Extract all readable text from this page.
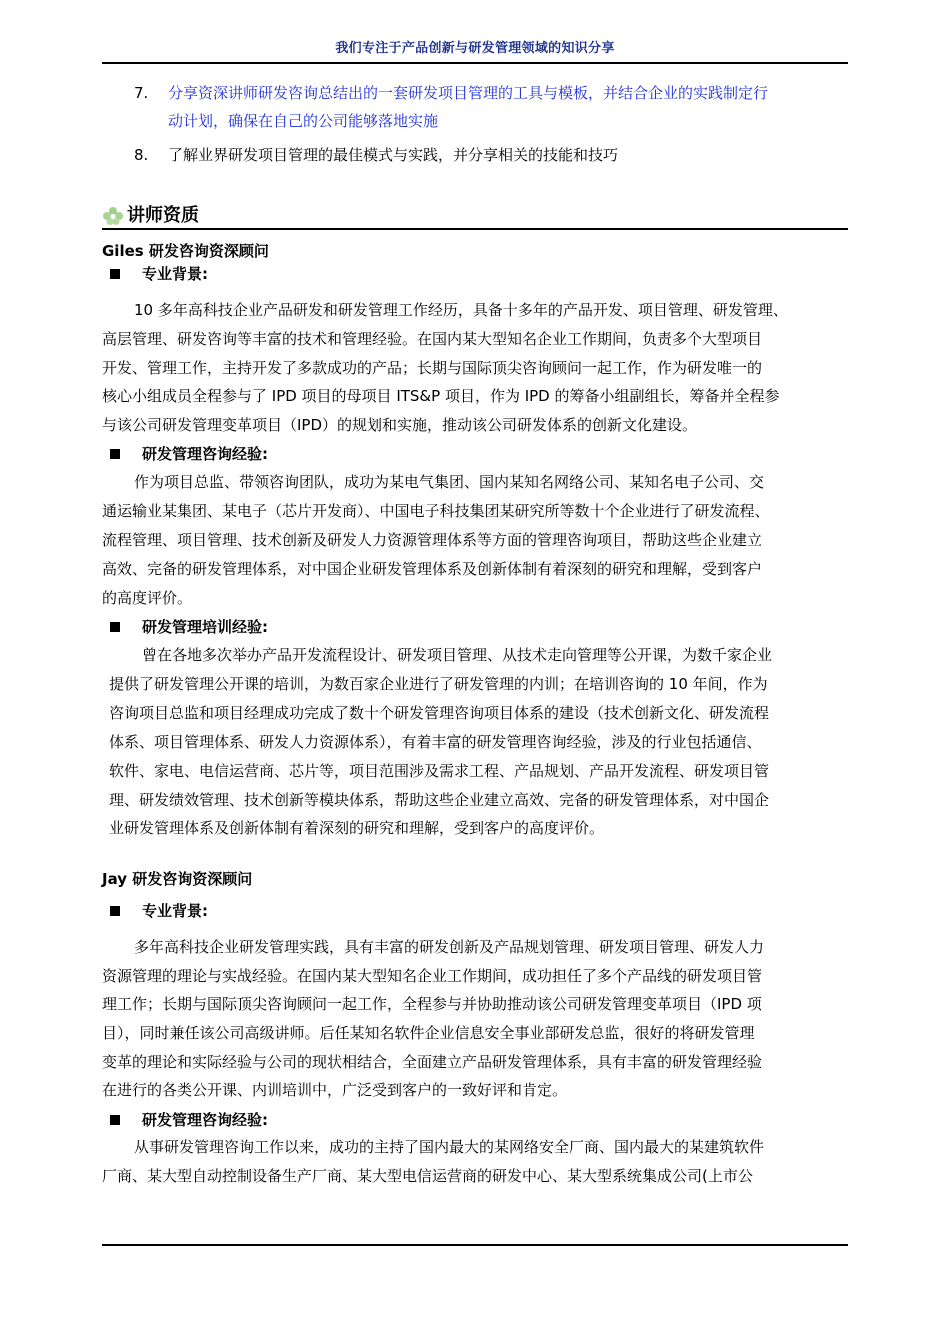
我们专注于产品创新与研发管理领域的知识分享
7. 分享资深讲师研发咨询总结出的一套研发项目管理的工具与模板，并结合企业的实践制定行
动计划，确保在自己的公司能够落地实施
8. 了解业界研发项目管理的最佳模式与实践，并分享相关的技能和技巧
讲师资质
Giles 研发咨询资深顾问
专业背景:
10 多年高科技企业产品研发和研发管理工作经历，具备十多年的产品开发、项目管理、研发管理、
高层管理、研发咨询等丰富的技术和管理经验。在国内某大型知名企业工作期间，负责多个大型项目
开发、管理工作，主持开发了多款成功的产品；长期与国际顶尖咨询顾问一起工作，作为研发唯一的
核心小组成员全程参与了 IPD 项目的母项目 ITS&P 项目，作为 IPD 的筹备小组副组长，筹备并全程参
与该公司研发管理变革项目（IPD）的规划和实施，推动该公司研发体系的创新文化建设。
研发管理咨询经验:
作为项目总监、带领咨询团队，成功为某电气集团、国内某知名网络公司、某知名电子公司、交
通运输业某集团、某电子（芯片开发商）、中国电子科技集团某研究所等数十个企业进行了研发流程、
流程管理、项目管理、技术创新及研发人力资源管理体系等方面的管理咨询项目，帮助这些企业建立
高效、完备的研发管理体系，对中国企业研发管理体系及创新体制有着深刻的研究和理解，受到客户
的高度评价。
研发管理培训经验:
曾在各地多次举办产品开发流程设计、研发项目管理、从技术走向管理等公开课，为数千家企业
提供了研发管理公开课的培训，为数百家企业进行了研发管理的内训；在培训咨询的 10 年间，作为
咨询项目总监和项目经理成功完成了数十个研发管理咨询项目体系的建设（技术创新文化、研发流程
体系、项目管理体系、研发人力资源体系），有着丰富的研发管理咨询经验，涉及的行业包括通信、
软件、家电、电信运营商、芯片等，项目范围涉及需求工程、产品规划、产品开发流程、研发项目管
理、研发绩效管理、技术创新等模块体系，帮助这些企业建立高效、完备的研发管理体系，对中国企
业研发管理体系及创新体制有着深刻的研究和理解，受到客户的高度评价。
Jay 研发咨询资深顾问
专业背景:
多年高科技企业研发管理实践，具有丰富的研发创新及产品规划管理、研发项目管理、研发人力
资源管理的理论与实战经验。在国内某大型知名企业工作期间，成功担任了多个产品线的研发项目管
理工作；长期与国际顶尖咨询顾问一起工作，全程参与并协助推动该公司研发管理变革项目（IPD 项
目），同时兼任该公司高级讲师。后任某知名软件企业信息安全事业部研发总监，很好的将研发管理
变革的理论和实际经验与公司的现状相结合，全面建立产品研发管理体系，具有丰富的研发管理经验
在进行的各类公开课、内训培训中，广泛受到客户的一致好评和肯定。
研发管理咨询经验:
从事研发管理咨询工作以来，成功的主持了国内最大的某网络安全厂商、国内最大的某建筑软件
厂商、某大型自动控制设备生产厂商、某大型电信运营商的研发中心、某大型系统集成公司(上市公
